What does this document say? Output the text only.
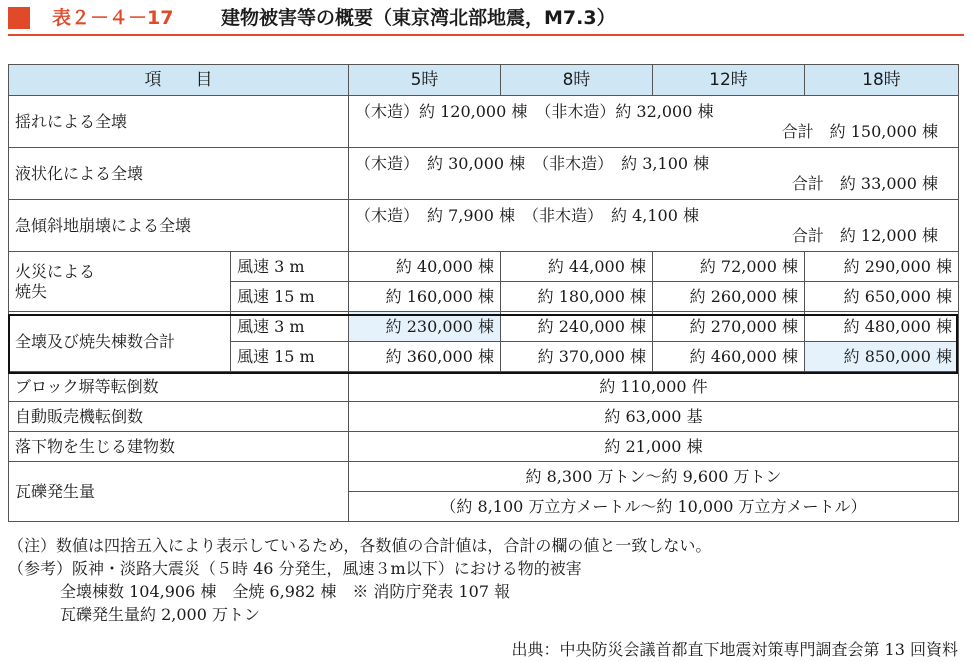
表２－４－17	建物被害等の概要（東京湾北部地震，M7.3）
項　　目		5時	8時	12時	18時
揺れによる全壊		（木造）約 120,000 棟　（非木造）約 32,000 棟
合計　約 150,000 棟			

液状化による全壊		（木造）　約 30,000 棟　（非木造）　約 3,100 棟
合計　約 33,000 棟			

急傾斜地崩壊による全壊		（木造）　約 7,900 棟　（非木造）　約 4,100 棟
合計　約 12,000 棟			

火災による
焼失	風速 3 m	約 40,000 棟	約 44,000 棟	約 72,000 棟	約 290,000 棟
	風速 15 m	約 160,000 棟	約 180,000 棟	約 260,000 棟	約 650,000 棟
全壊及び焼失棟数合計	風速 3 m	約 230,000 棟	約 240,000 棟	約 270,000 棟	約 480,000 棟
	風速 15 m	約 360,000 棟	約 370,000 棟	約 460,000 棟	約 850,000 棟
ブロック塀等転倒数		約 110,000 件			
自動販売機転倒数		約 63,000 基			
落下物を生じる建物数		約 21,000 棟			
瓦礫発生量		約 8,300 万トン～約 9,600 万トン			
		（約 8,100 万立方メートル～約 10,000 万立方メートル）			

（注）数値は四捨五入により表示しているため，各数値の合計値は，合計の欄の値と一致しない。

（参考）阪神・淡路大震災（５時 46 分発生，風速３m以下）における物的被害

全壊棟数 104,906 棟　全焼 6,982 棟　※ 消防庁発表 107 報

瓦礫発生量約 2,000 万トン

出典：中央防災会議首都直下地震対策専門調査会第 13 回資料
